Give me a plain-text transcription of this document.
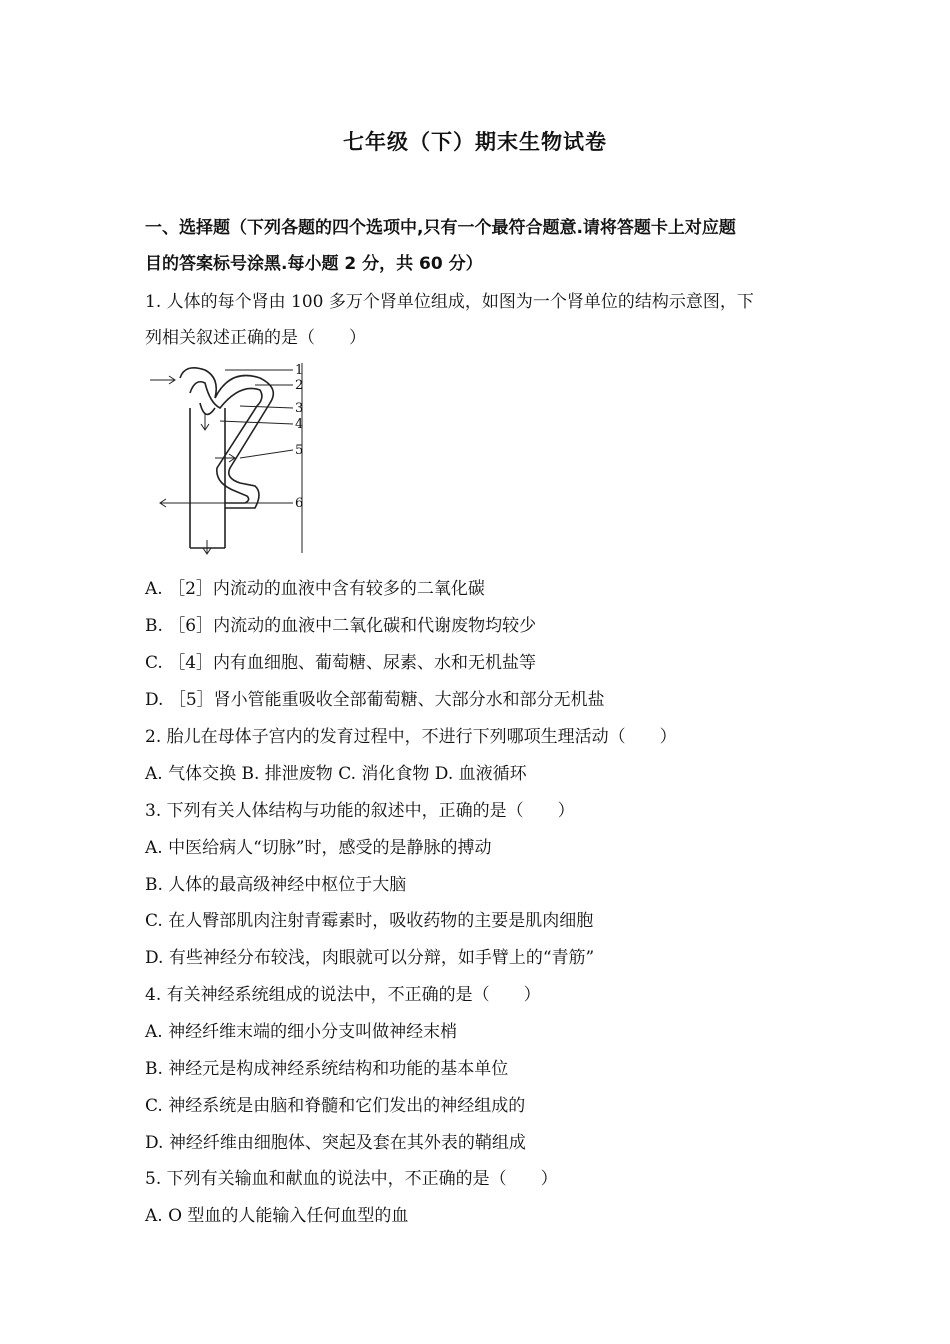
七年级（下）期末生物试卷
一、选择题（下列各题的四个选项中,只有一个最符合题意.请将答题卡上对应题
目的答案标号涂黑.每小题 2 分，共 60 分）
1. 人体的每个肾由 100 多万个肾单位组成，如图为一个肾单位的结构示意图，下
列相关叙述正确的是（　　）
1
2
3
4
5
6
A. ［2］内流动的血液中含有较多的二氧化碳
B. ［6］内流动的血液中二氧化碳和代谢废物均较少
C. ［4］内有血细胞、葡萄糖、尿素、水和无机盐等
D. ［5］肾小管能重吸收全部葡萄糖、大部分水和部分无机盐
2. 胎儿在母体子宫内的发育过程中，不进行下列哪项生理活动（　　）
A. 气体交换 B. 排泄废物 C. 消化食物 D. 血液循环
3. 下列有关人体结构与功能的叙述中，正确的是（　　）
A. 中医给病人“切脉”时，感受的是静脉的搏动
B. 人体的最高级神经中枢位于大脑
C. 在人臀部肌肉注射青霉素时，吸收药物的主要是肌肉细胞
D. 有些神经分布较浅，肉眼就可以分辩，如手臂上的“青筋”
4. 有关神经系统组成的说法中，不正确的是（　　）
A. 神经纤维末端的细小分支叫做神经末梢
B. 神经元是构成神经系统结构和功能的基本单位
C. 神经系统是由脑和脊髓和它们发出的神经组成的
D. 神经纤维由细胞体、突起及套在其外表的鞘组成
5. 下列有关输血和献血的说法中，不正确的是（　　）
A. O 型血的人能输入任何血型的血
